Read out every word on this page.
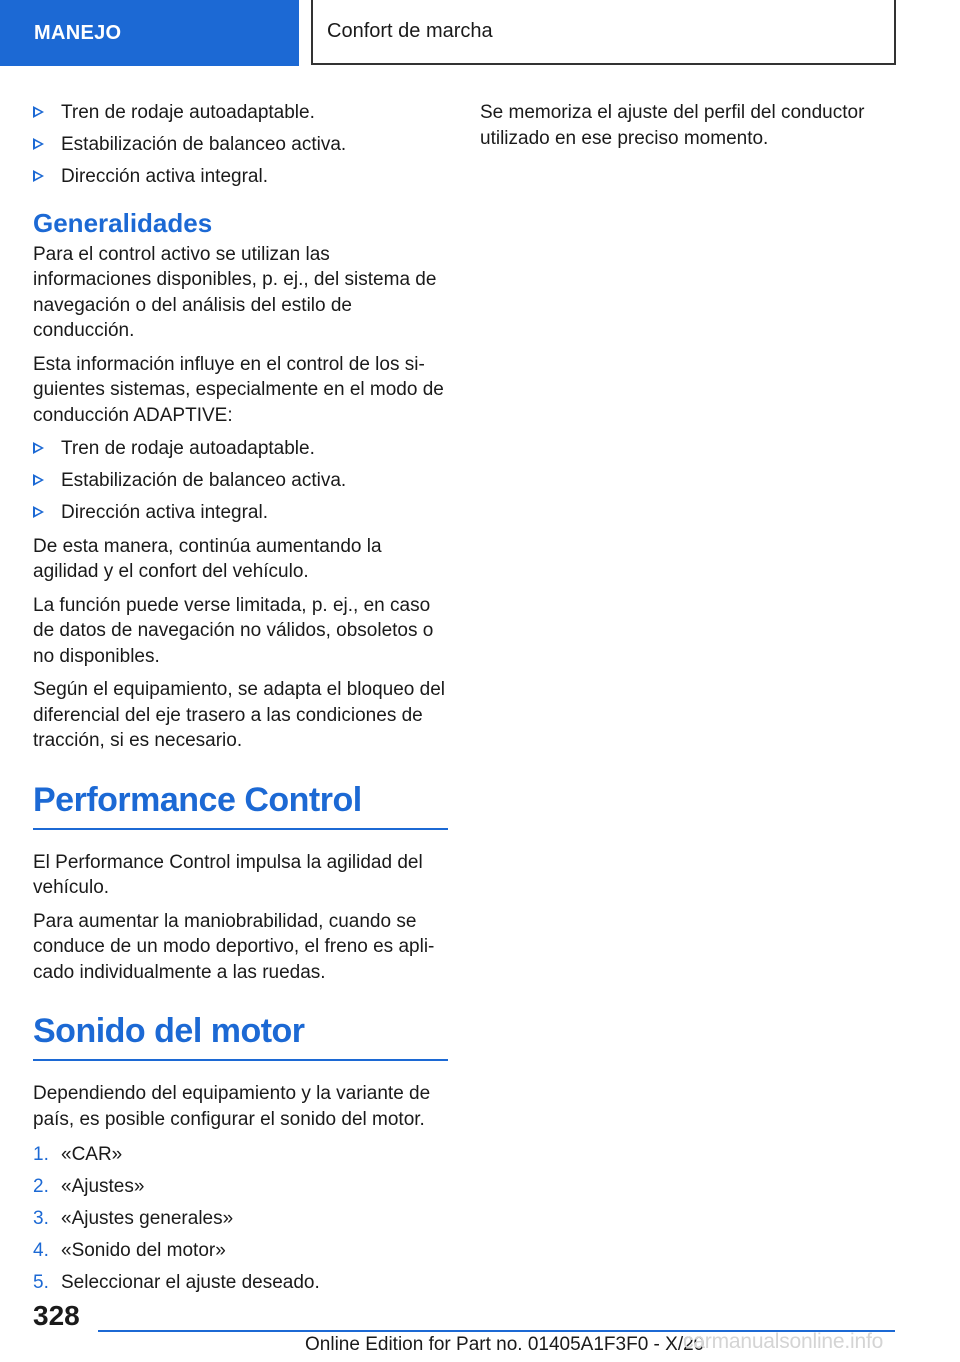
MANEJO	Confort de marcha
Tren de rodaje autoadaptable.
Estabilización de balanceo activa.
Dirección activa integral.
Generalidades

Para el control activo se utilizan las informaciones disponibles, p. ej., del sistema de navegación o del análisis del estilo de conducción.

Esta información influye en el control de los si-guientes sistemas, especialmente en el modo de conducción ADAPTIVE:

Tren de rodaje autoadaptable.
Estabilización de balanceo activa.
Dirección activa integral.

De esta manera, continúa aumentando la agilidad y el confort del vehículo.

La función puede verse limitada, p. ej., en caso de datos de navegación no válidos, obsoletos o no disponibles.

Según el equipamiento, se adapta el bloqueo del diferencial del eje trasero a las condiciones de tracción, si es necesario.

Performance Control

El Performance Control impulsa la agilidad del vehículo.

Para aumentar la maniobrabilidad, cuando se conduce de un modo deportivo, el freno es apli-cado individualmente a las ruedas.

Sonido del motor

Dependiendo del equipamiento y la variante de país, es posible configurar el sonido del motor.

1. «CAR»
2. «Ajustes»
3. «Ajustes generales»
4. «Sonido del motor»
5. Seleccionar el ajuste deseado.

Se memoriza el ajuste del perfil del conductor utilizado en ese preciso momento.

328
Online Edition for Part no. 01405A1F3F0 - X/20
carmanualsonline.info
